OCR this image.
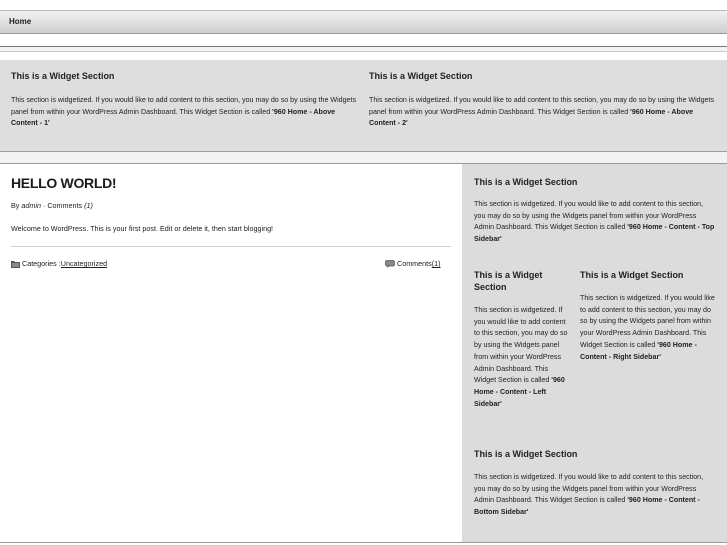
Home
This is a Widget Section
This section is widgetized. If you would like to add content to this section, you may do so by using the Widgets panel from within your WordPress Admin Dashboard. This Widget Section is called '960 Home - Above Content - 1'
This is a Widget Section
This section is widgetized. If you would like to add content to this section, you may do so by using the Widgets panel from within your WordPress Admin Dashboard. This Widget Section is called '960 Home - Above Content - 2'
HELLO WORLD!
By admin · Comments (1)
Welcome to WordPress. This is your first post. Edit or delete it, then start blogging!
Categories : Uncategorized	Comments (1)
This is a Widget Section
This section is widgetized. If you would like to add content to this section, you may do so by using the Widgets panel from within your WordPress Admin Dashboard. This Widget Section is called '960 Home - Content - Top Sidebar'
This is a Widget Section
This section is widgetized. If you would like to add content to this section, you may do so by using the Widgets panel from within your WordPress Admin Dashboard. This Widget Section is called '960 Home - Content - Left Sidebar'
This is a Widget Section
This section is widgetized. If you would like to add content to this section, you may do so by using the Widgets panel from within your WordPress Admin Dashboard. This Widget Section is called '960 Home - Content - Right Sidebar'
This is a Widget Section
This section is widgetized. If you would like to add content to this section, you may do so by using the Widgets panel from within your WordPress Admin Dashboard. This Widget Section is called '960 Home - Content - Bottom Sidebar'
